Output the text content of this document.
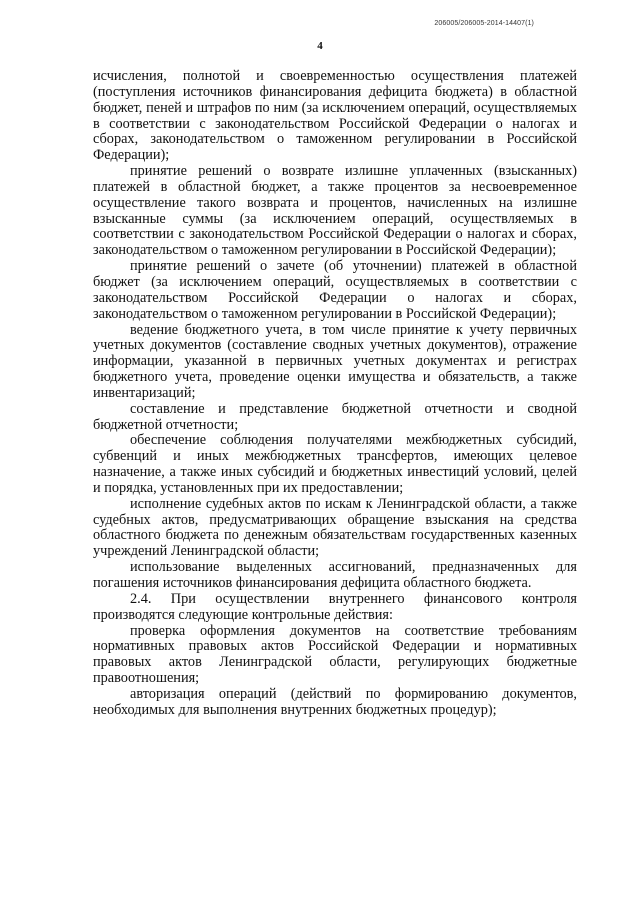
206005/206005-2014-14407(1)
4

исчисления, полнотой и своевременностью осуществления платежей (поступления источников финансирования дефицита бюджета) в областной бюджет, пеней и штрафов по ним (за исключением операций, осуществляемых в соответствии с законодательством Российской Федерации о налогах и сборах, законодательством о таможенном регулировании в Российской Федерации);

принятие решений о возврате излишне уплаченных (взысканных) платежей в областной бюджет, а также процентов за несвоевременное осуществление такого возврата и процентов, начисленных на излишне взысканные суммы (за исключением операций, осуществляемых в соответствии с законодательством Российской Федерации о налогах и сборах, законодательством о таможенном регулировании в Российской Федерации);

принятие решений о зачете (об уточнении) платежей в областной бюджет (за исключением операций, осуществляемых в соответствии с законодательством Российской Федерации о налогах и сборах, законодательством о таможенном регулировании в Российской Федерации);

ведение бюджетного учета, в том числе принятие к учету первичных учетных документов (составление сводных учетных документов), отражение информации, указанной в первичных учетных документах и регистрах бюджетного учета, проведение оценки имущества и обязательств, а также инвентаризаций;

составление и представление бюджетной отчетности и сводной бюджетной отчетности;

обеспечение соблюдения получателями межбюджетных субсидий, субвенций и иных межбюджетных трансфертов, имеющих целевое назначение, а также иных субсидий и бюджетных инвестиций условий, целей и порядка, установленных при их предоставлении;

исполнение судебных актов по искам к Ленинградской области, а также судебных актов, предусматривающих обращение взыскания на средства областного бюджета по денежным обязательствам государственных казенных учреждений Ленинградской области;

использование выделенных ассигнований, предназначенных для погашения источников финансирования дефицита областного бюджета.

2.4. При осуществлении внутреннего финансового контроля производятся следующие контрольные действия:

проверка оформления документов на соответствие требованиям нормативных правовых актов Российской Федерации и нормативных правовых актов Ленинградской области, регулирующих бюджетные правоотношения;

авторизация операций (действий по формированию документов, необходимых для выполнения внутренних бюджетных процедур);
